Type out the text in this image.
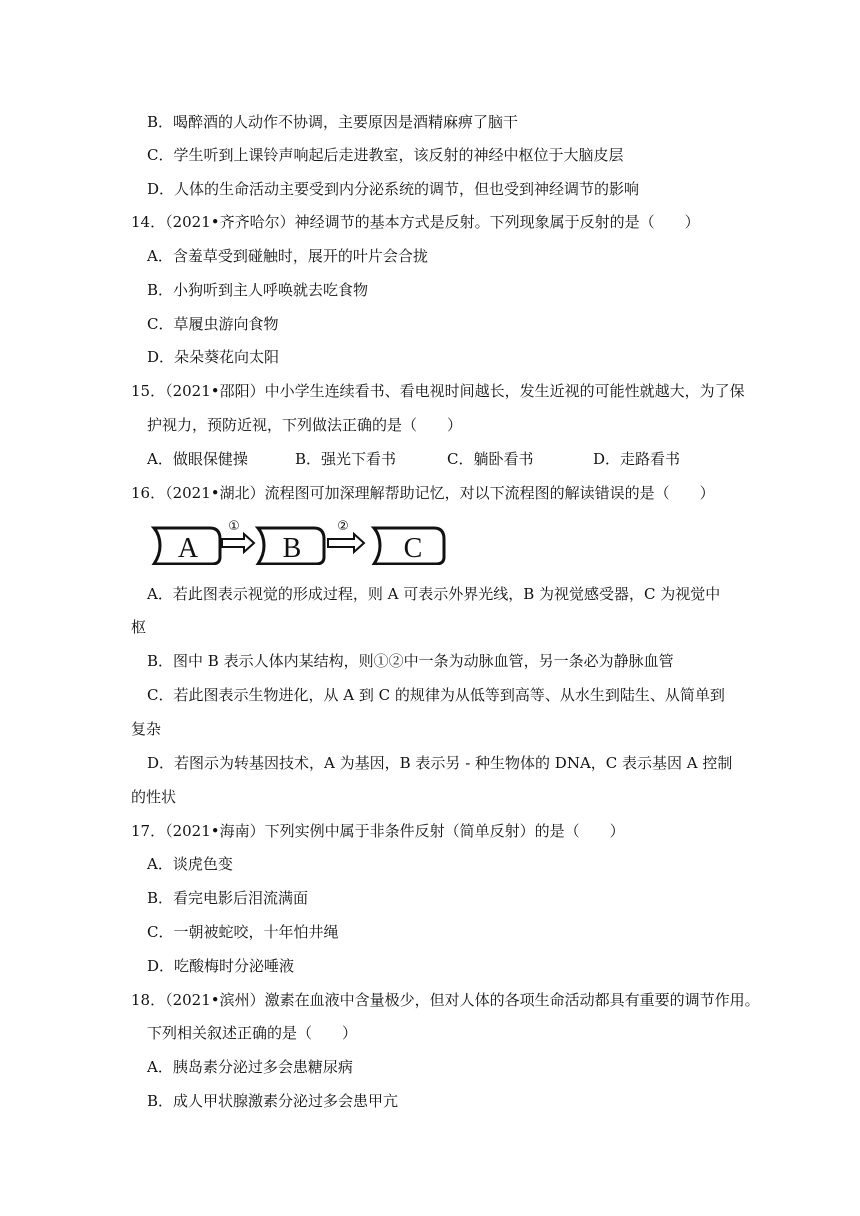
B．喝醉酒的人动作不协调，主要原因是酒精麻痹了脑干
C．学生听到上课铃声响起后走进教室，该反射的神经中枢位于大脑皮层
D．人体的生命活动主要受到内分泌系统的调节，但也受到神经调节的影响
14．（2021•齐齐哈尔）神经调节的基本方式是反射。下列现象属于反射的是（　　）
A．含羞草受到碰触时，展开的叶片会合拢
B．小狗听到主人呼唤就去吃食物
C．草履虫游向食物
D．朵朵葵花向太阳
15．（2021•邵阳）中小学生连续看书、看电视时间越长，发生近视的可能性就越大，为了保
护视力，预防近视，下列做法正确的是（　　）
A．做眼保健操	B．强光下看书	C．躺卧看书	D．走路看书
16．（2021•湖北）流程图可加深理解帮助记忆，对以下流程图的解读错误的是（　　）
A
①
B
②
C
A．若此图表示视觉的形成过程，则 A 可表示外界光线，B 为视觉感受器，C 为视觉中
枢
B．图中 B 表示人体内某结构，则①②中一条为动脉血管，另一条必为静脉血管
C．若此图表示生物进化，从 A 到 C 的规律为从低等到高等、从水生到陆生、从简单到
复杂
D．若图示为转基因技术，A 为基因，B 表示另 - 种生物体的 DNA，C 表示基因 A 控制
的性状
17．（2021•海南）下列实例中属于非条件反射（简单反射）的是（　　）
A．谈虎色变
B．看完电影后泪流满面
C．一朝被蛇咬，十年怕井绳
D．吃酸梅时分泌唾液
18．（2021•滨州）激素在血液中含量极少，但对人体的各项生命活动都具有重要的调节作用。
下列相关叙述正确的是（　　）
A．胰岛素分泌过多会患糖尿病
B．成人甲状腺激素分泌过多会患甲亢
